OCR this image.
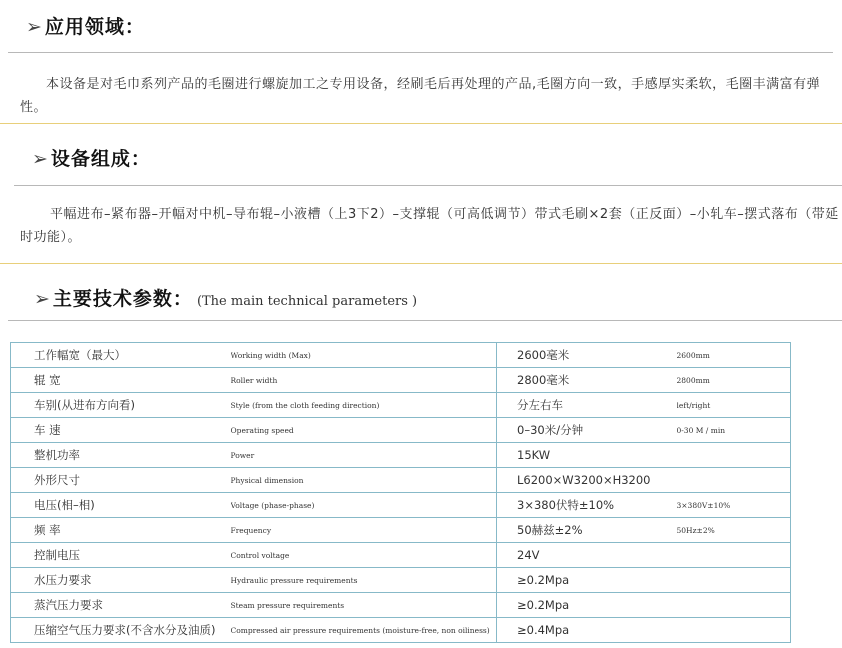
➢ 应用领域：
本设备是对毛巾系列产品的毛圈进行螺旋加工之专用设备，经刷毛后再处理的产品,毛圈方向一致，手感厚实柔软，毛圈丰满富有弹性。
➢ 设备组成：
平幅进布–紧布器–开幅对中机–导布辊–小液槽（上3下2）–支撑辊（可高低调节）带式毛刷×2套（正反面）–小轧车–摆式落布（带延时功能）。
➢ 主要技术参数： (The main technical parameters )
工作幅宽（最大）	Working width (Max)	2600毫米	2600mm
辊 宽	Roller width	2800毫米	2800mm
车别(从进布方向看)	Style (from the cloth feeding direction)	分左右车	left/right
车 速	Operating speed	0–30米/分钟	0-30 M / min
整机功率	Power	15KW	
外形尺寸	Physical dimension	L6200×W3200×H3200	
电压(相–相)	Voltage (phase-phase)	3×380伏特±10%	3×380V±10%
频 率	Frequency	50赫兹±2%	50Hz±2%
控制电压	Control voltage	24V	
水压力要求	Hydraulic pressure requirements	≥0.2Mpa	
蒸汽压力要求	Steam pressure requirements	≥0.2Mpa	
压缩空气压力要求(不含水分及油质)	Compressed air pressure requirements (moisture-free, non oiliness)	≥0.4Mpa	
